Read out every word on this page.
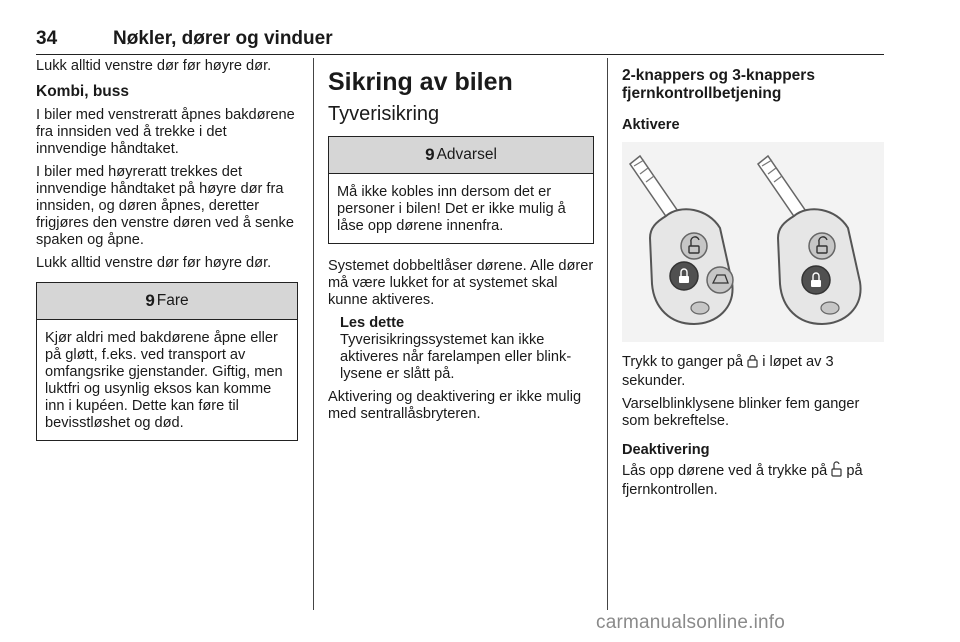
34	Nøkler, dører og vinduer

Lukk alltid venstre dør før høyre dør.

Kombi, buss

I biler med venstreratt åpnes bakdørene fra innsiden ved å trekke i det innvendige håndtaket.

I biler med høyreratt trekkes det innvendige håndtaket på høyre dør fra innsiden, og døren åpnes, deretter frigjøres den venstre døren ved å senke spaken og åpne.

Lukk alltid venstre dør før høyre dør.

9 Fare

Kjør aldri med bakdørene åpne eller på gløtt, f.eks. ved transport av omfangsrike gjenstander. Giftig, men luktfri og usynlig eksos kan komme inn i kupéen. Dette kan føre til bevisstløshet og død.

Sikring av bilen
Tyverisikring
9 Advarsel

Må ikke kobles inn dersom det er personer i bilen! Det er ikke mulig å låse opp dørene innenfra.

Systemet dobbeltlåser dørene. Alle dører må være lukket for at systemet skal kunne aktiveres.

Les dette

Tyverisikringssystemet kan ikke aktiveres når farelampen eller blinklysene er slått på.

Aktivering og deaktivering er ikke mulig med sentrallåsbryteren.

2-knappers og 3-knappers fjernkontrollbetjening
Aktivere

Trykk to ganger på  i løpet av 3 sekunder.

Varselblinklysene blinker fem ganger som bekreftelse.

Deaktivering

Lås opp dørene ved å trykke på  på fjernkontrollen.

carmanualsonline.info
